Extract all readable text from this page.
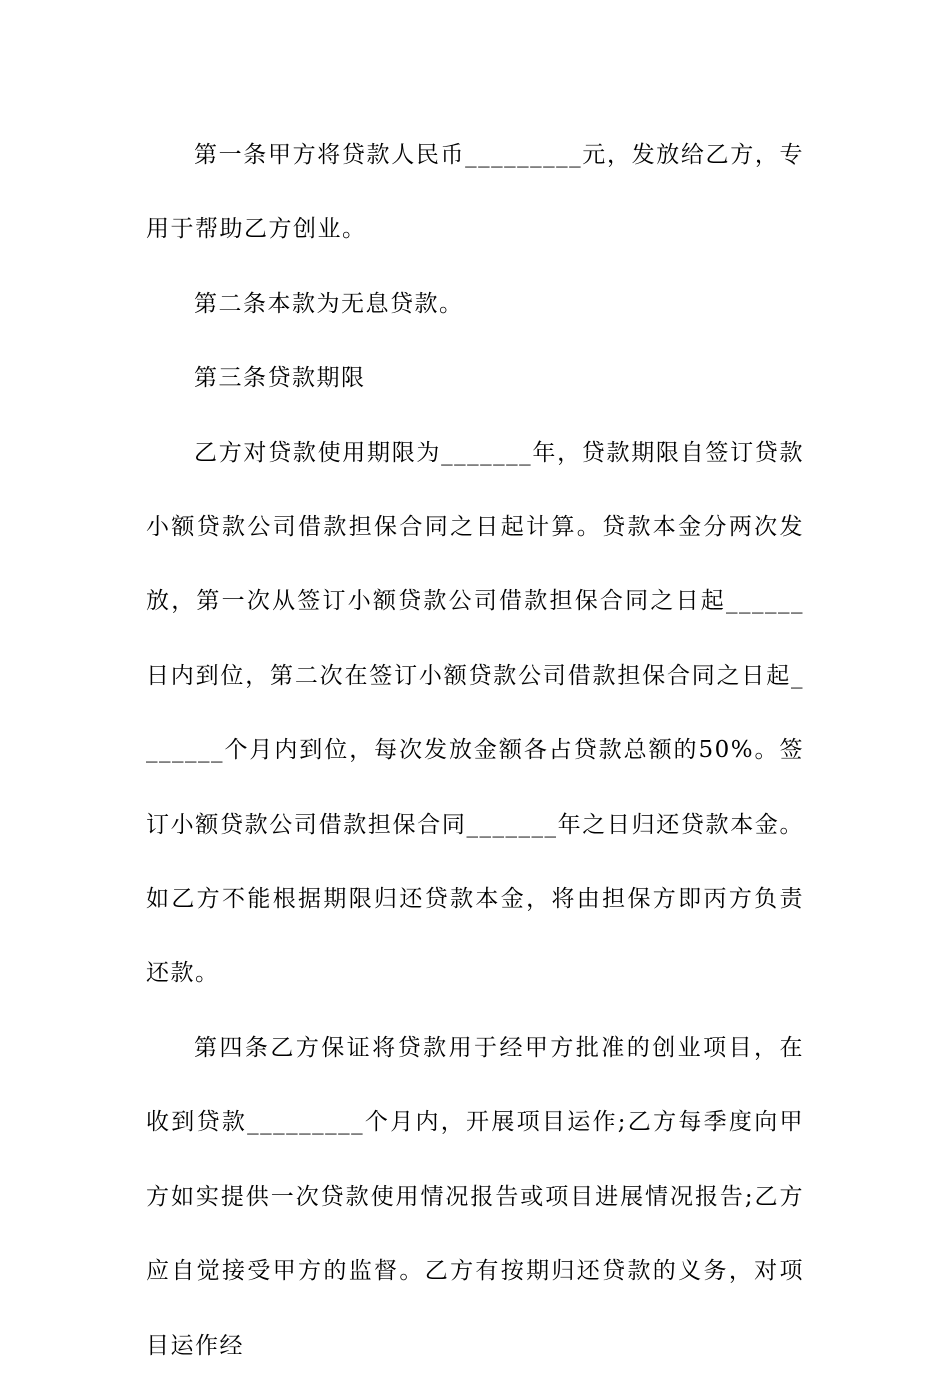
第一条甲方将贷款人民币_________元，发放给乙方，专用于帮助乙方创业。

第二条本款为无息贷款。

第三条贷款期限

乙方对贷款使用期限为_______年，贷款期限自签订贷款小额贷款公司借款担保合同之日起计算。贷款本金分两次发放，第一次从签订小额贷款公司借款担保合同之日起______日内到位，第二次在签订小额贷款公司借款担保合同之日起_______个月内到位，每次发放金额各占贷款总额的50%。签订小额贷款公司借款担保合同_______年之日归还贷款本金。如乙方不能根据期限归还贷款本金，将由担保方即丙方负责还款。

第四条乙方保证将贷款用于经甲方批准的创业项目，在收到贷款_________个月内，开展项目运作;乙方每季度向甲方如实提供一次贷款使用情况报告或项目进展情况报告;乙方应自觉接受甲方的监督。乙方有按期归还贷款的义务，对项目运作经
